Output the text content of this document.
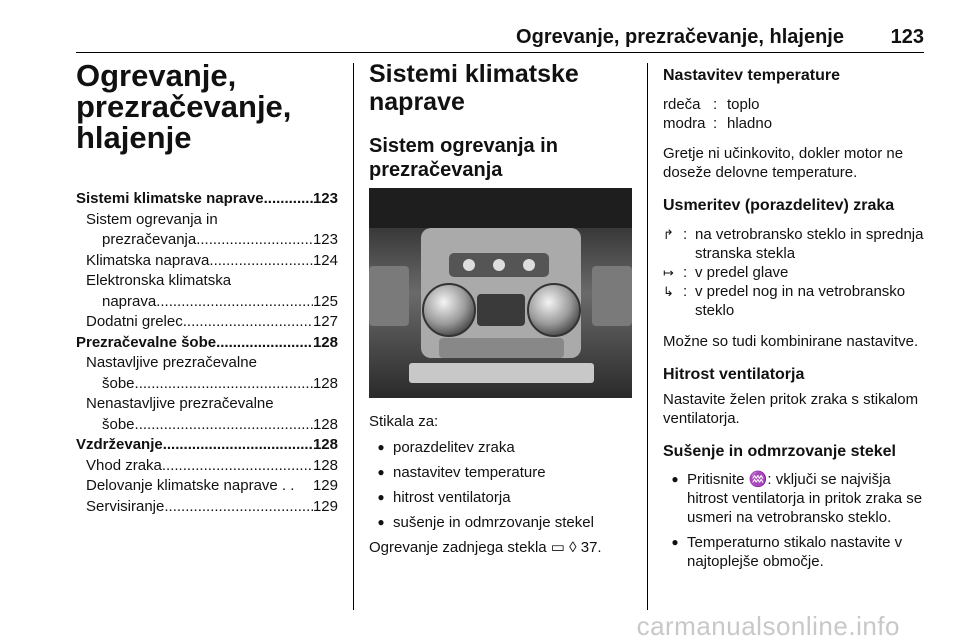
Ogrevanje, prezračevanje, hlajenje 123
Ogrevanje,
prezračevanje,
hlajenje
Sistemi klimatske naprave .....	123
Sistem ogrevanja in
prezračevanja .....	123
Klimatska naprava .....	124
Elektronska klimatska
naprava .....	125
Dodatni grelec .....	127
Prezračevalne šobe .....	128
Nastavljive prezračevalne
šobe .....	128
Nenastavljive prezračevalne
šobe .....	128
Vzdrževanje .....	128
Vhod zraka .....	128
Delovanje klimatske naprave . . 129
Servisiranje .....	129
Sistemi klimatske
naprave
Sistem ogrevanja in
prezračevanja

Stikala za:

● porazdelitev zraka
● nastavitev temperature
● hitrost ventilatorja
● sušenje in odmrzovanje stekel

Ogrevanje zadnjega stekla ▭ ◊ 37.

Nastavitev temperature
rdeča : toplo
modra : hladno

Gretje ni učinkovito, dokler motor ne doseže delovne temperature.

Usmeritev (porazdelitev) zraka
↱ : na vetrobransko steklo in sprednja stranska stekla
↦ : v predel glave
↳ : v predel nog in na vetrobransko steklo

Možne so tudi kombinirane nastavitve.

Hitrost ventilatorja

Nastavite želen pritok zraka s stikalom ventilatorja.

Sušenje in odmrzovanje stekel
● Pritisnite ♒: vključi se najvišja hitrost ventilatorja in pritok zraka se usmeri na vetrobransko steklo.
● Temperaturno stikalo nastavite v najtoplejše območje.
carmanualsonline.info
